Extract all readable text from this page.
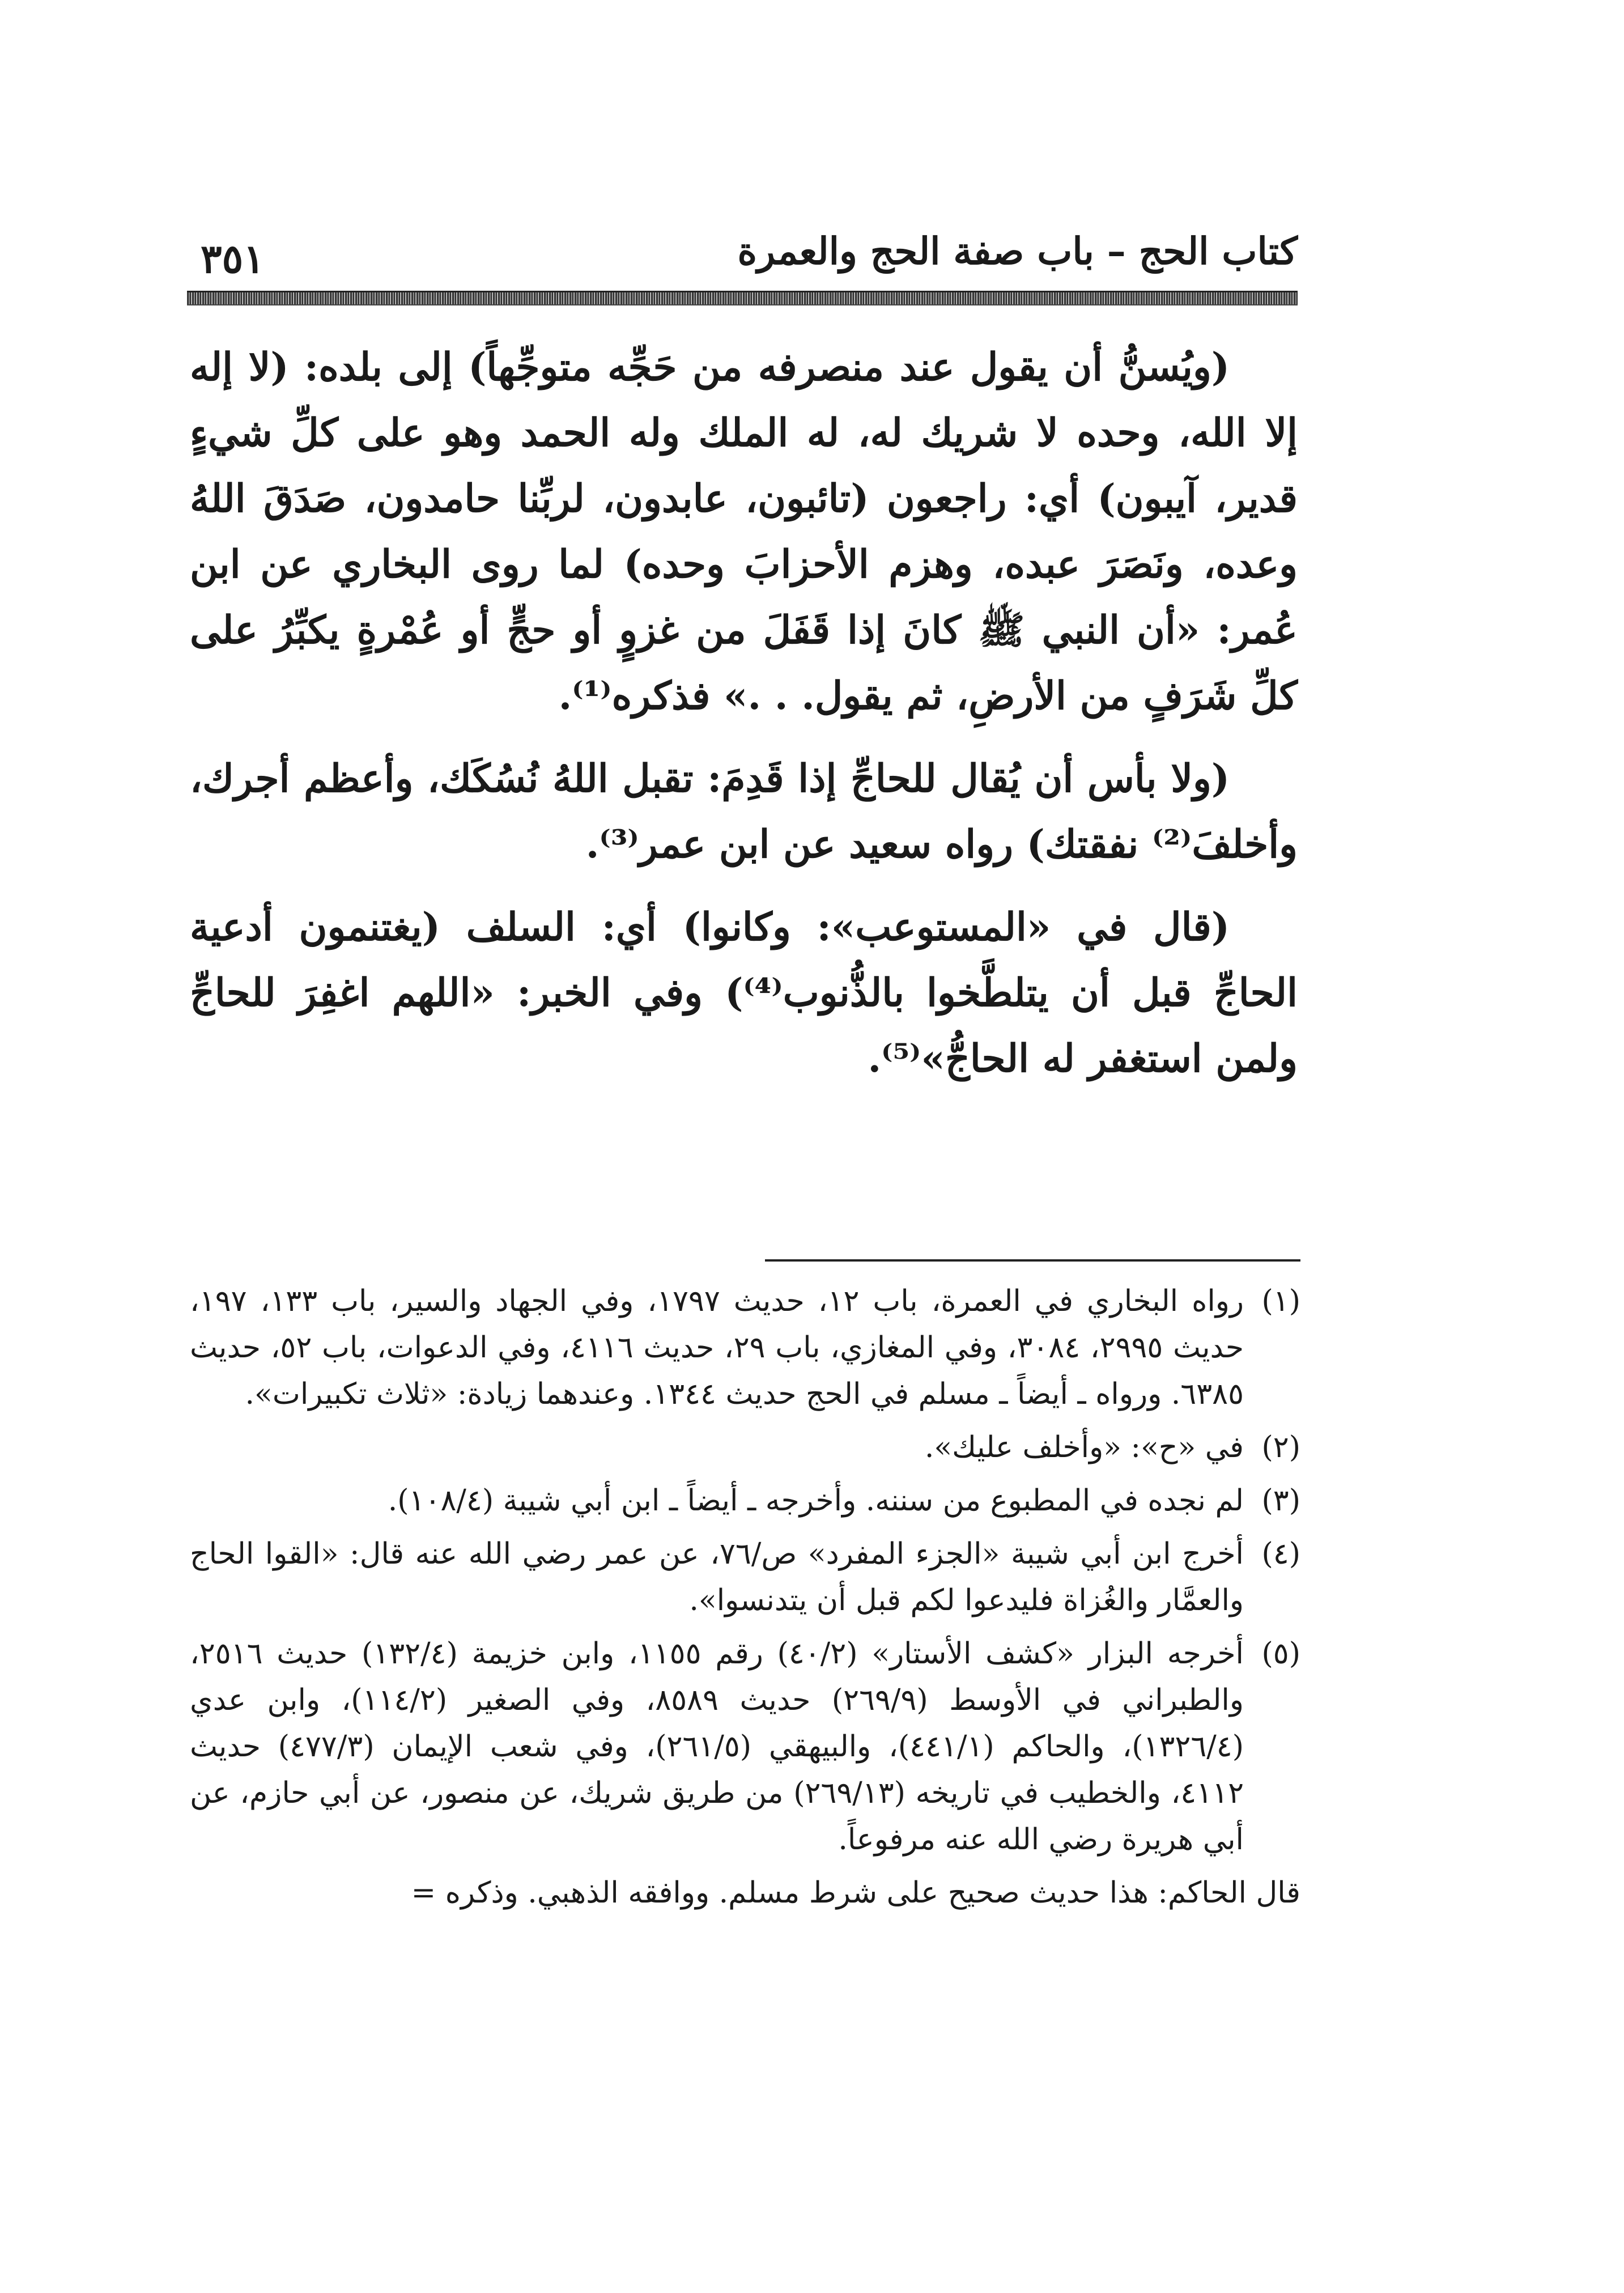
كتاب الحج – باب صفة الحج والعمرة
٣٥١

(ويُسنُّ أن يقول عند منصرفه من حَجِّه متوجِّهاً) إلى بلده: (لا إله إلا الله، وحده لا شريك له، له الملك وله الحمد وهو على كلِّ شيءٍ قدير، آيبون) أي: راجعون (تائبون، عابدون، لربِّنا حامدون، صَدَقَ اللهُ وعده، ونَصَرَ عبده، وهزم الأحزابَ وحده) لما روى البخاري عن ابن عُمر: «أن النبي ﷺ كانَ إذا قَفَلَ من غزوٍ أو حجٍّ أو عُمْرةٍ يكبِّرُ على كلِّ شَرَفٍ من الأرضِ، ثم يقول. . .» فذكره⁽¹⁾.

(ولا بأس أن يُقال للحاجِّ إذا قَدِمَ: تقبل اللهُ نُسُكَك، وأعظم أجرك، وأخلفَ⁽²⁾ نفقتك) رواه سعيد عن ابن عمر⁽³⁾.

(قال في «المستوعب»: وكانوا) أي: السلف (يغتنمون أدعية الحاجِّ قبل أن يتلطَّخوا بالذُّنوب⁽⁴⁾) وفي الخبر: «اللهم اغفِرَ للحاجِّ ولمن استغفر له الحاجُّ»⁽⁵⁾.

(١)رواه البخاري في العمرة، باب ١٢، حديث ١٧٩٧، وفي الجهاد والسير، باب ١٣٣، ١٩٧، حديث ٢٩٩٥، ٣٠٨٤، وفي المغازي، باب ٢٩، حديث ٤١١٦، وفي الدعوات، باب ٥٢، حديث ٦٣٨٥. ورواه ـ أيضاً ـ مسلم في الحج حديث ١٣٤٤. وعندهما زيادة: «ثلاث تكبيرات».
(٢)في «ح»: «وأخلف عليك».
(٣)لم نجده في المطبوع من سننه. وأخرجه ـ أيضاً ـ ابن أبي شيبة (١٠٨/٤).
(٤)أخرج ابن أبي شيبة «الجزء المفرد» ص/٧٦، عن عمر رضي الله عنه قال: «القوا الحاج والعمَّار والغُزاة فليدعوا لكم قبل أن يتدنسوا».
(٥)أخرجه البزار «كشف الأستار» (٤٠/٢) رقم ١١٥٥، وابن خزيمة (١٣٢/٤) حديث ٢٥١٦، والطبراني في الأوسط (٢٦٩/٩) حديث ٨٥٨٩، وفي الصغير (١١٤/٢)، وابن عدي (١٣٢٦/٤)، والحاكم (٤٤١/١)، والبيهقي (٢٦١/٥)، وفي شعب الإيمان (٤٧٧/٣) حديث ٤١١٢، والخطيب في تاريخه (٢٦٩/١٣) من طريق شريك، عن منصور، عن أبي حازم، عن أبي هريرة رضي الله عنه مرفوعاً.

قال الحاكم: هذا حديث صحيح على شرط مسلم. ووافقه الذهبي. وذكره =
